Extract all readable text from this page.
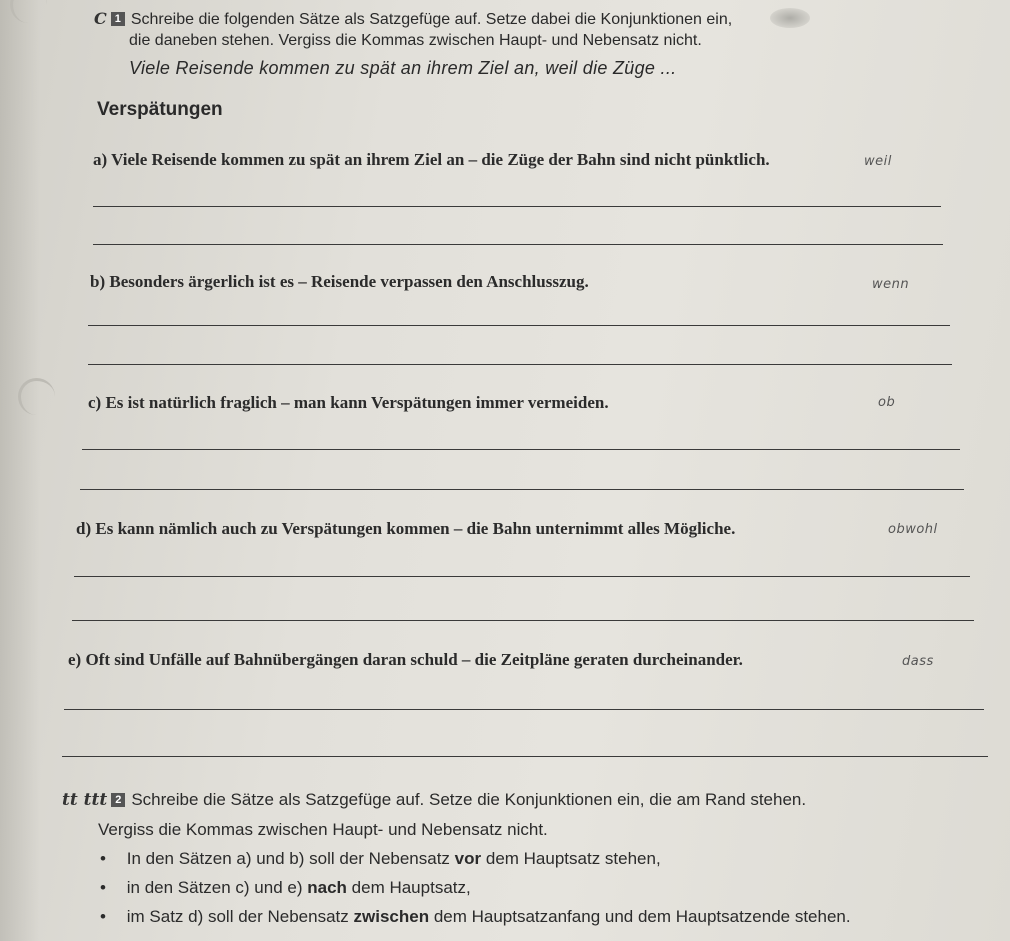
C 1 Schreibe die folgenden Sätze als Satzgefüge auf. Setze dabei die Konjunktionen ein,
die daneben stehen. Vergiss die Kommas zwischen Haupt- und Nebensatz nicht.
Viele Reisende kommen zu spät an ihrem Ziel an, weil die Züge ...
Verspätungen
a) Viele Reisende kommen zu spät an ihrem Ziel an – die Züge der Bahn sind nicht pünktlich.	weil
b) Besonders ärgerlich ist es – Reisende verpassen den Anschlusszug.	wenn
c) Es ist natürlich fraglich – man kann Verspätungen immer vermeiden.	ob
d) Es kann nämlich auch zu Verspätungen kommen – die Bahn unternimmt alles Mögliche.	obwohl
e) Oft sind Unfälle auf Bahnübergängen daran schuld – die Zeitpläne geraten durcheinander.	dass
tt ttt 2 Schreibe die Sätze als Satzgefüge auf. Setze die Konjunktionen ein, die am Rand stehen.
Vergiss die Kommas zwischen Haupt- und Nebensatz nicht.
• In den Sätzen a) und b) soll der Nebensatz vor dem Hauptsatz stehen,
• in den Sätzen c) und e) nach dem Hauptsatz,
• im Satz d) soll der Nebensatz zwischen dem Hauptsatzanfang und dem Hauptsatzende stehen.
